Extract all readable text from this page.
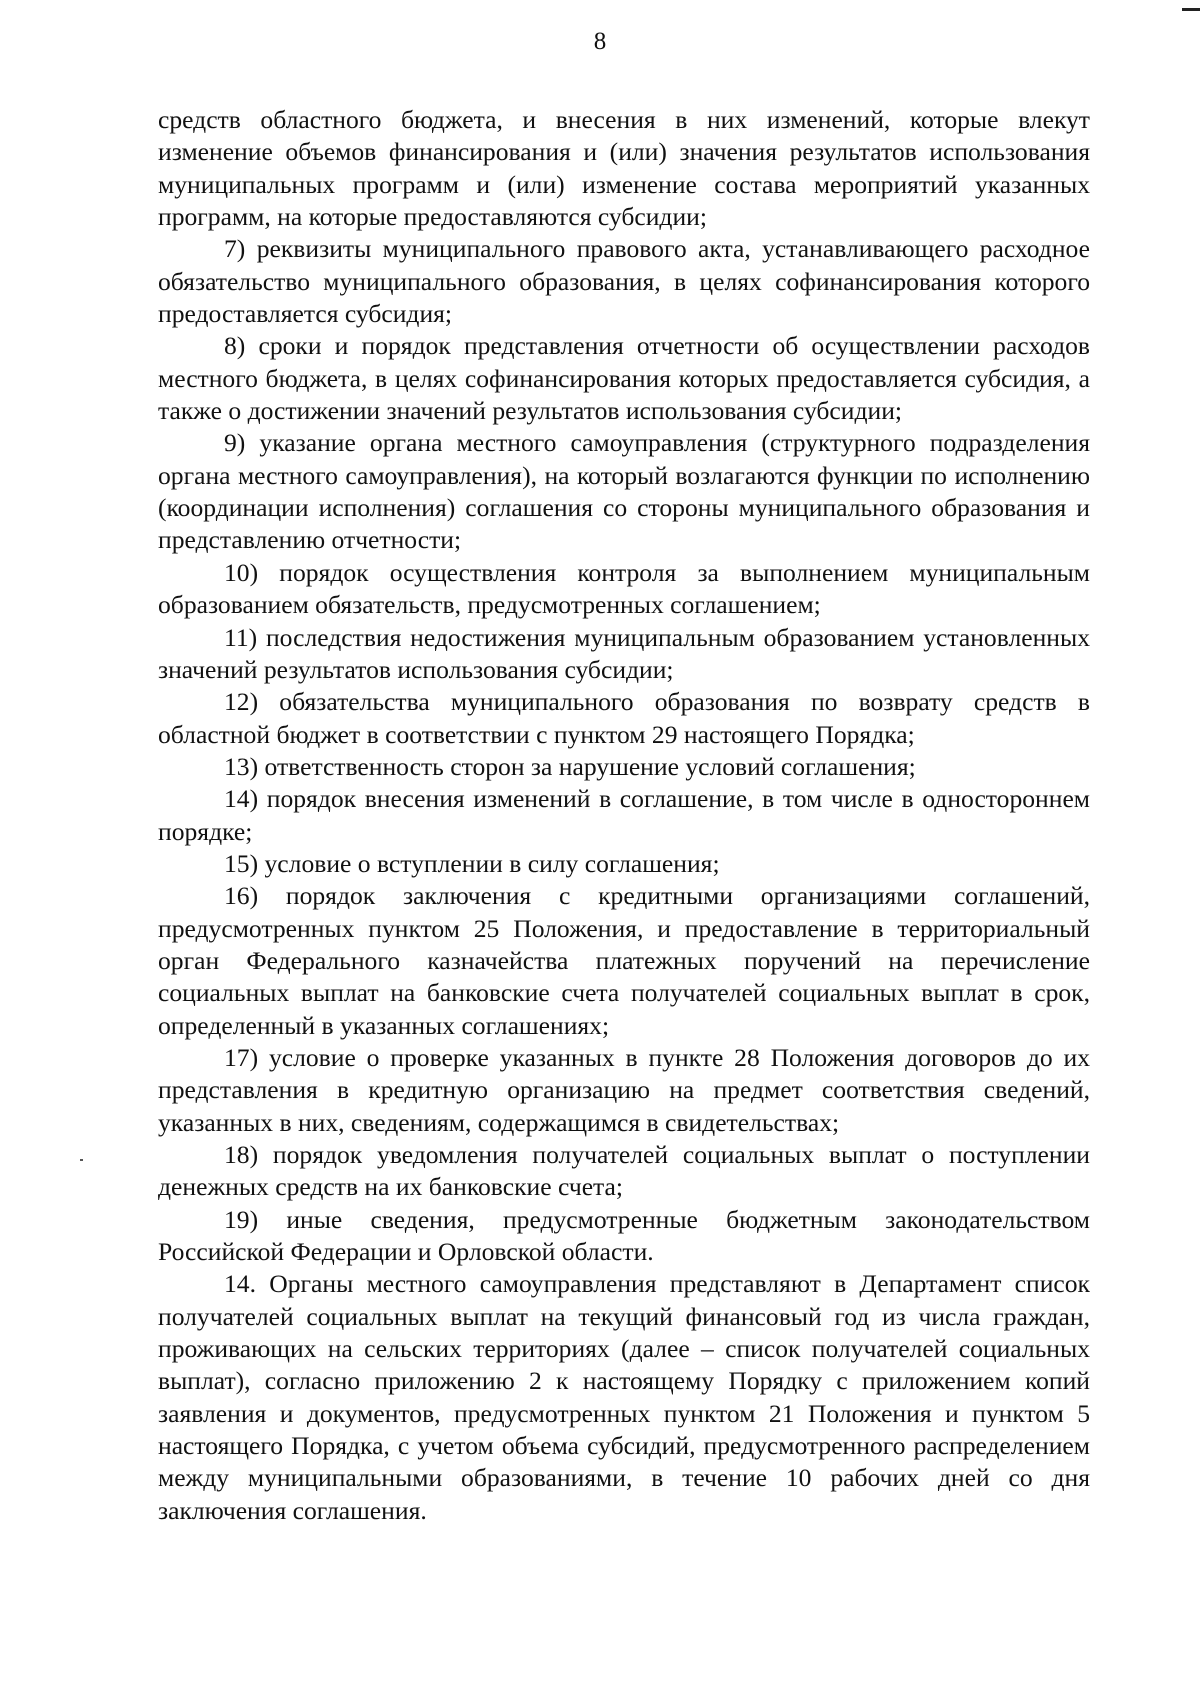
8

средств областного бюджета, и внесения в них изменений, которые влекут изменение объемов финансирования и (или) значения результатов использования муниципальных программ и (или) изменение состава мероприятий указанных программ, на которые предоставляются субсидии;

7) реквизиты муниципального правового акта, устанавливающего расходное обязательство муниципального образования, в целях софинансирования которого предоставляется субсидия;

8) сроки и порядок представления отчетности об осуществлении расходов местного бюджета, в целях софинансирования которых предоставляется субсидия, а также о достижении значений результатов использования субсидии;

9) указание органа местного самоуправления (структурного подразделения органа местного самоуправления), на который возлагаются функции по исполнению (координации исполнения) соглашения со стороны муниципального образования и представлению отчетности;

10) порядок осуществления контроля за выполнением муниципальным образованием обязательств, предусмотренных соглашением;

11) последствия недостижения муниципальным образованием установленных значений результатов использования субсидии;

12) обязательства муниципального образования по возврату средств в областной бюджет в соответствии с пунктом 29 настоящего Порядка;

13) ответственность сторон за нарушение условий соглашения;

14) порядок внесения изменений в соглашение, в том числе в одностороннем порядке;

15) условие о вступлении в силу соглашения;

16) порядок заключения с кредитными организациями соглашений, предусмотренных пунктом 25 Положения, и предоставление в территориальный орган Федерального казначейства платежных поручений на перечисление социальных выплат на банковские счета получателей социальных выплат в срок, определенный в указанных соглашениях;

17) условие о проверке указанных в пункте 28 Положения договоров до их представления в кредитную организацию на предмет соответствия сведений, указанных в них, сведениям, содержащимся в свидетельствах;

18) порядок уведомления получателей социальных выплат о поступлении денежных средств на их банковские счета;

19) иные сведения, предусмотренные бюджетным законодательством Российской Федерации и Орловской области.

14. Органы местного самоуправления представляют в Департамент список получателей социальных выплат на текущий финансовый год из числа граждан, проживающих на сельских территориях (далее – список получателей социальных выплат), согласно приложению 2 к настоящему Порядку с приложением копий заявления и документов, предусмотренных пунктом 21 Положения и пунктом 5 настоящего Порядка, с учетом объема субсидий, предусмотренного распределением между муниципальными образованиями, в течение 10 рабочих дней со дня заключения соглашения.
